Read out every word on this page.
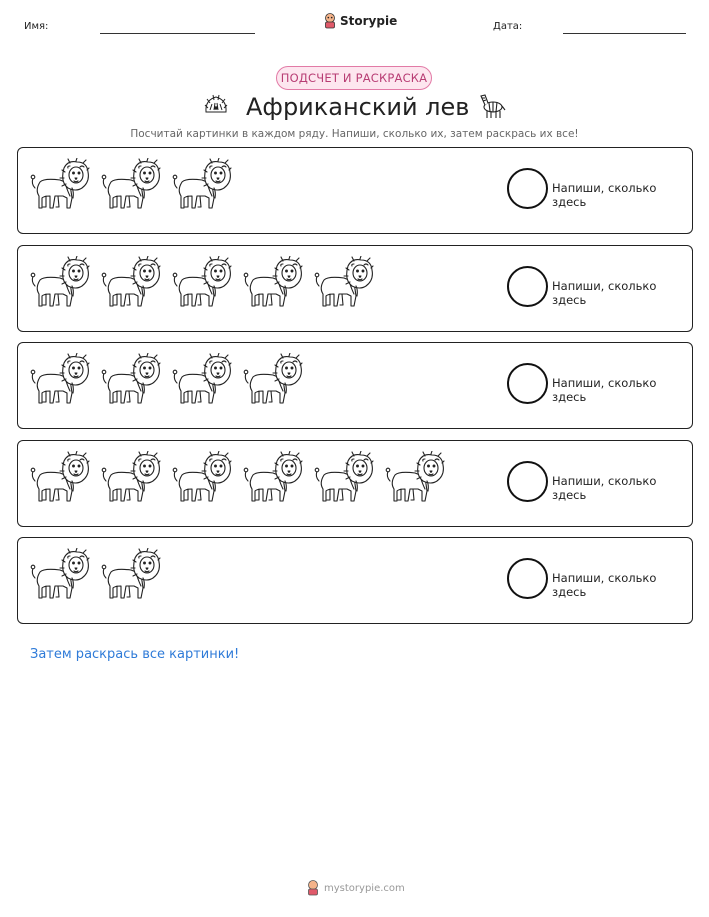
Имя:	Storypie	Дата:
ПОДСЧЕТ И РАСКРАСКА
Африканский лев
Посчитай картинки в каждом ряду. Напиши, сколько их, затем раскрась их все!
Напиши, сколько здесь
Напиши, сколько здесь
Напиши, сколько здесь
Напиши, сколько здесь
Напиши, сколько здесь
Затем раскрась все картинки!
mystorypie.com
